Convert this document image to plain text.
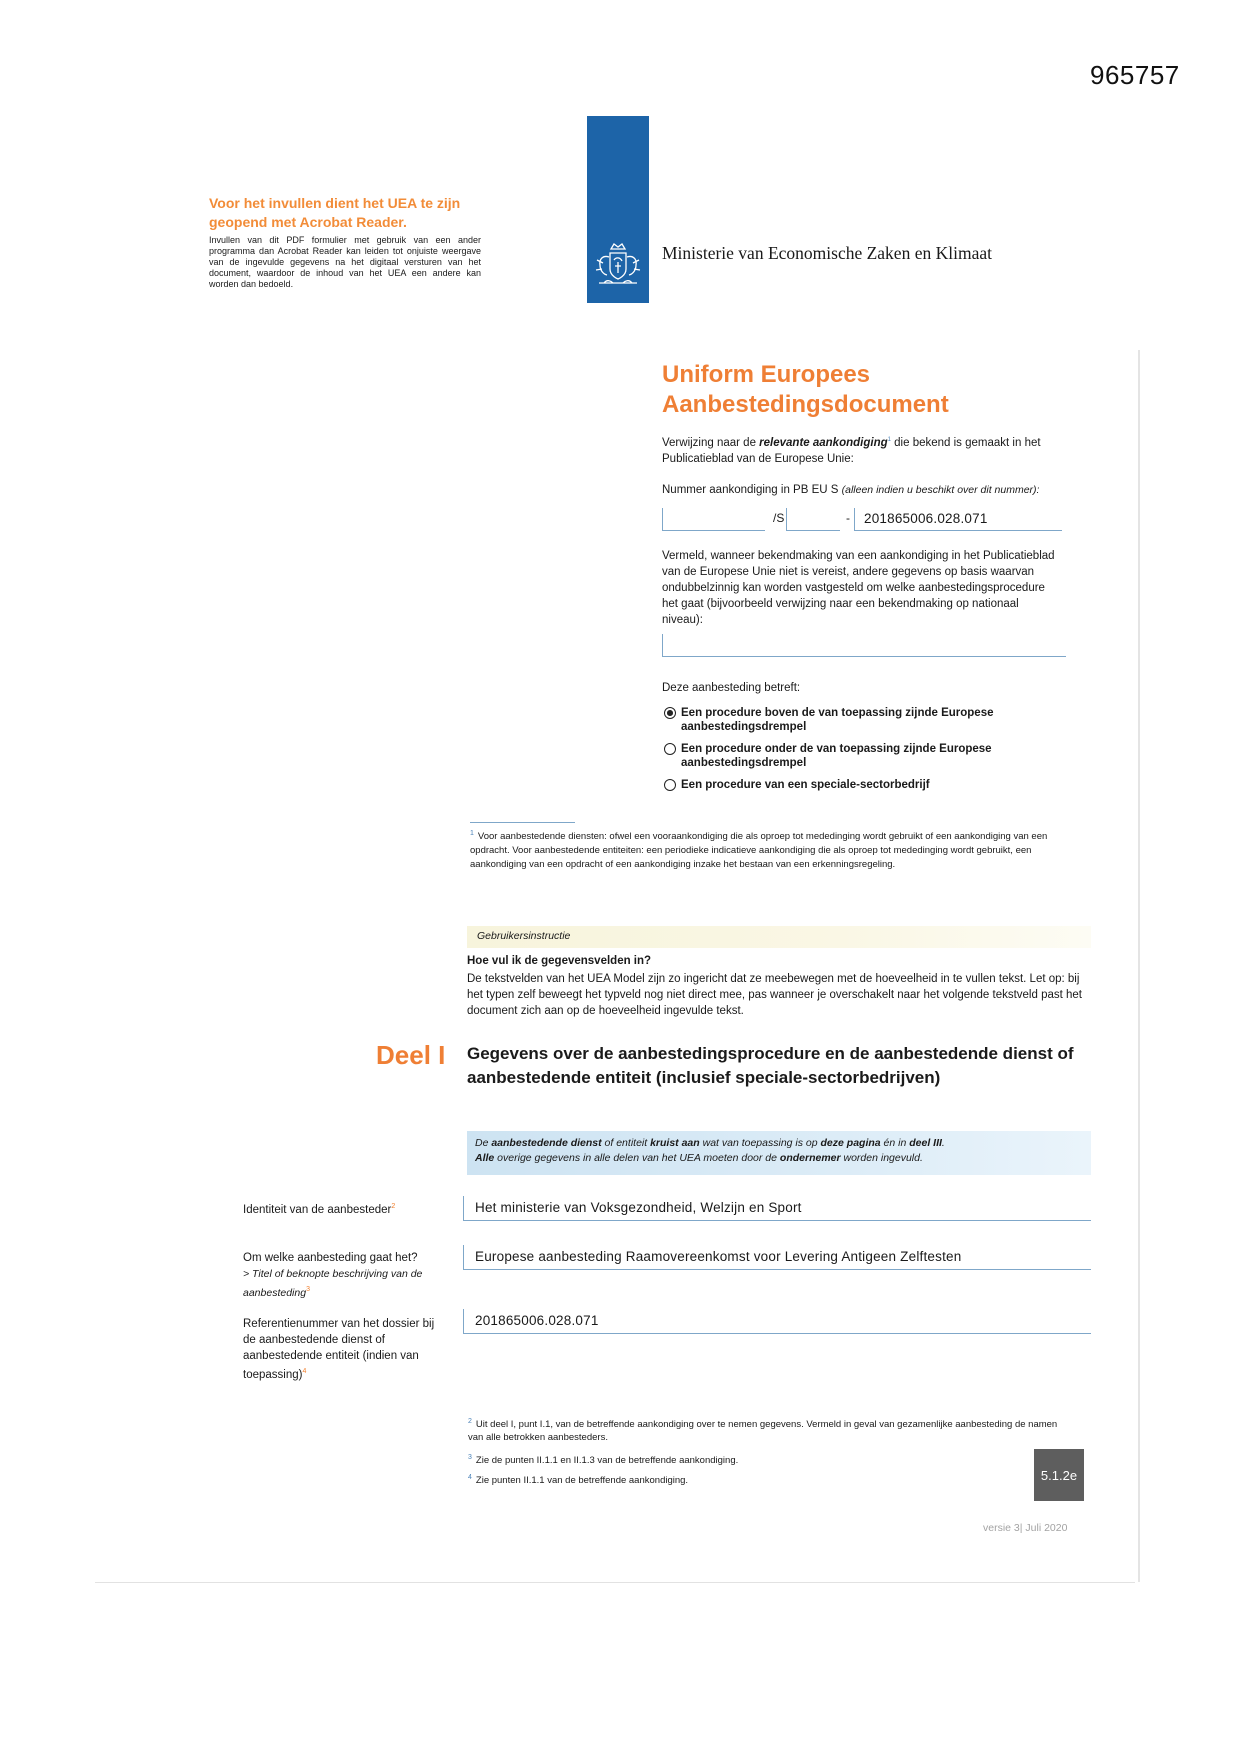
965757

Voor het invullen dient het UEA te zijn geopend met Acrobat Reader.

Invullen van dit PDF formulier met gebruik van een ander programma dan Acrobat Reader kan leiden tot onjuiste weergave van de ingevulde gegevens na het digitaal versturen van het document, waardoor de inhoud van het UEA een andere kan worden dan bedoeld.

Ministerie van Economische Zaken en Klimaat
Uniform Europees
Aanbestedingsdocument
Verwijzing naar de relevante aankondiging$^1$ die bekend is gemaakt in het Publicatieblad van de Europese Unie:
Nummer aankondiging in PB EU S (alleen indien u beschikt over dit nummer):
/S	- 201865006.028.071
Vermeld, wanneer bekendmaking van een aankondiging in het Publicatieblad van de Europese Unie niet is vereist, andere gegevens op basis waarvan ondubbelzinnig kan worden vastgesteld om welke aanbestedingsprocedure het gaat (bijvoorbeeld verwijzing naar een bekendmaking op nationaal niveau):
Deze aanbesteding betreft:
Een procedure boven de van toepassing zijnde Europese aanbestedingsdrempel
Een procedure onder de van toepassing zijnde Europese aanbestedingsdrempel
Een procedure van een speciale-sectorbedrijf
$^1$ Voor aanbestedende diensten: ofwel een vooraankondiging die als oproep tot mededinging wordt gebruikt of een aankondiging van een opdracht. Voor aanbestedende entiteiten: een periodieke indicatieve aankondiging die als oproep tot mededinging wordt gebruikt, een aankondiging van een opdracht of een aankondiging inzake het bestaan van een erkenningsregeling.
Gebruikersinstructie
Hoe vul ik de gegevensvelden in?
De tekstvelden van het UEA Model zijn zo ingericht dat ze meebewegen met de hoeveelheid in te vullen tekst. Let op: bij het typen zelf beweegt het typveld nog niet direct mee, pas wanneer je overschakelt naar het volgende tekstveld past het document zich aan op de hoeveelheid ingevulde tekst.
Deel I Gegevens over de aanbestedingsprocedure en de aanbestedende dienst of aanbestedende entiteit (inclusief speciale-sectorbedrijven)
De aanbestedende dienst of entiteit kruist aan wat van toepassing is op deze pagina én in deel III.
Alle overige gegevens in alle delen van het UEA moeten door de ondernemer worden ingevuld.
Identiteit van de aanbesteder$^2$	Het ministerie van Voksgezondheid, Welzijn en Sport
Om welke aanbesteding gaat het?
> Titel of beknopte beschrijving van de aanbesteding$^3$
Europese aanbesteding Raamovereenkomst voor Levering Antigeen Zelftesten
Referentienummer van het dossier bij de aanbestedende dienst of aanbestedende entiteit (indien van toepassing)$^4$
201865006.028.071
$^2$ Uit deel I, punt I.1, van de betreffende aankondiging over te nemen gegevens. Vermeld in geval van gezamenlijke aanbesteding de namen van alle betrokken aanbesteders.
$^3$ Zie de punten II.1.1 en II.1.3 van de betreffende aankondiging.
$^4$ Zie punten II.1.1 van de betreffende aankondiging.	5.1.2e
versie 3| Juli 2020
